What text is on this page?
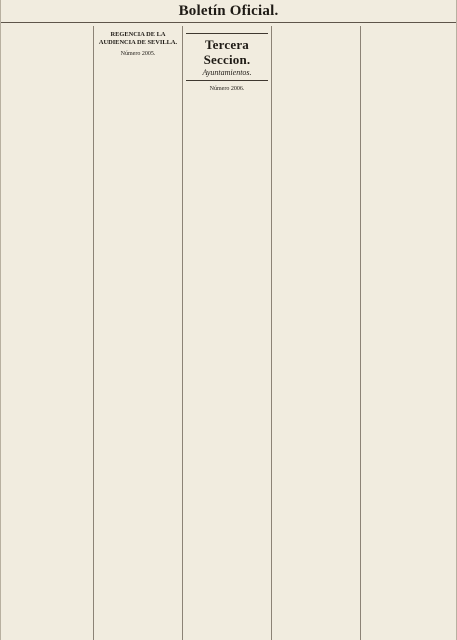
Boletín Oficial.
REGENCIA DE LA AUDIENCIA DE SEVILLA.
Número 2005.
Tercera Seccion.
Ayuntamientos.
Número 2006.
